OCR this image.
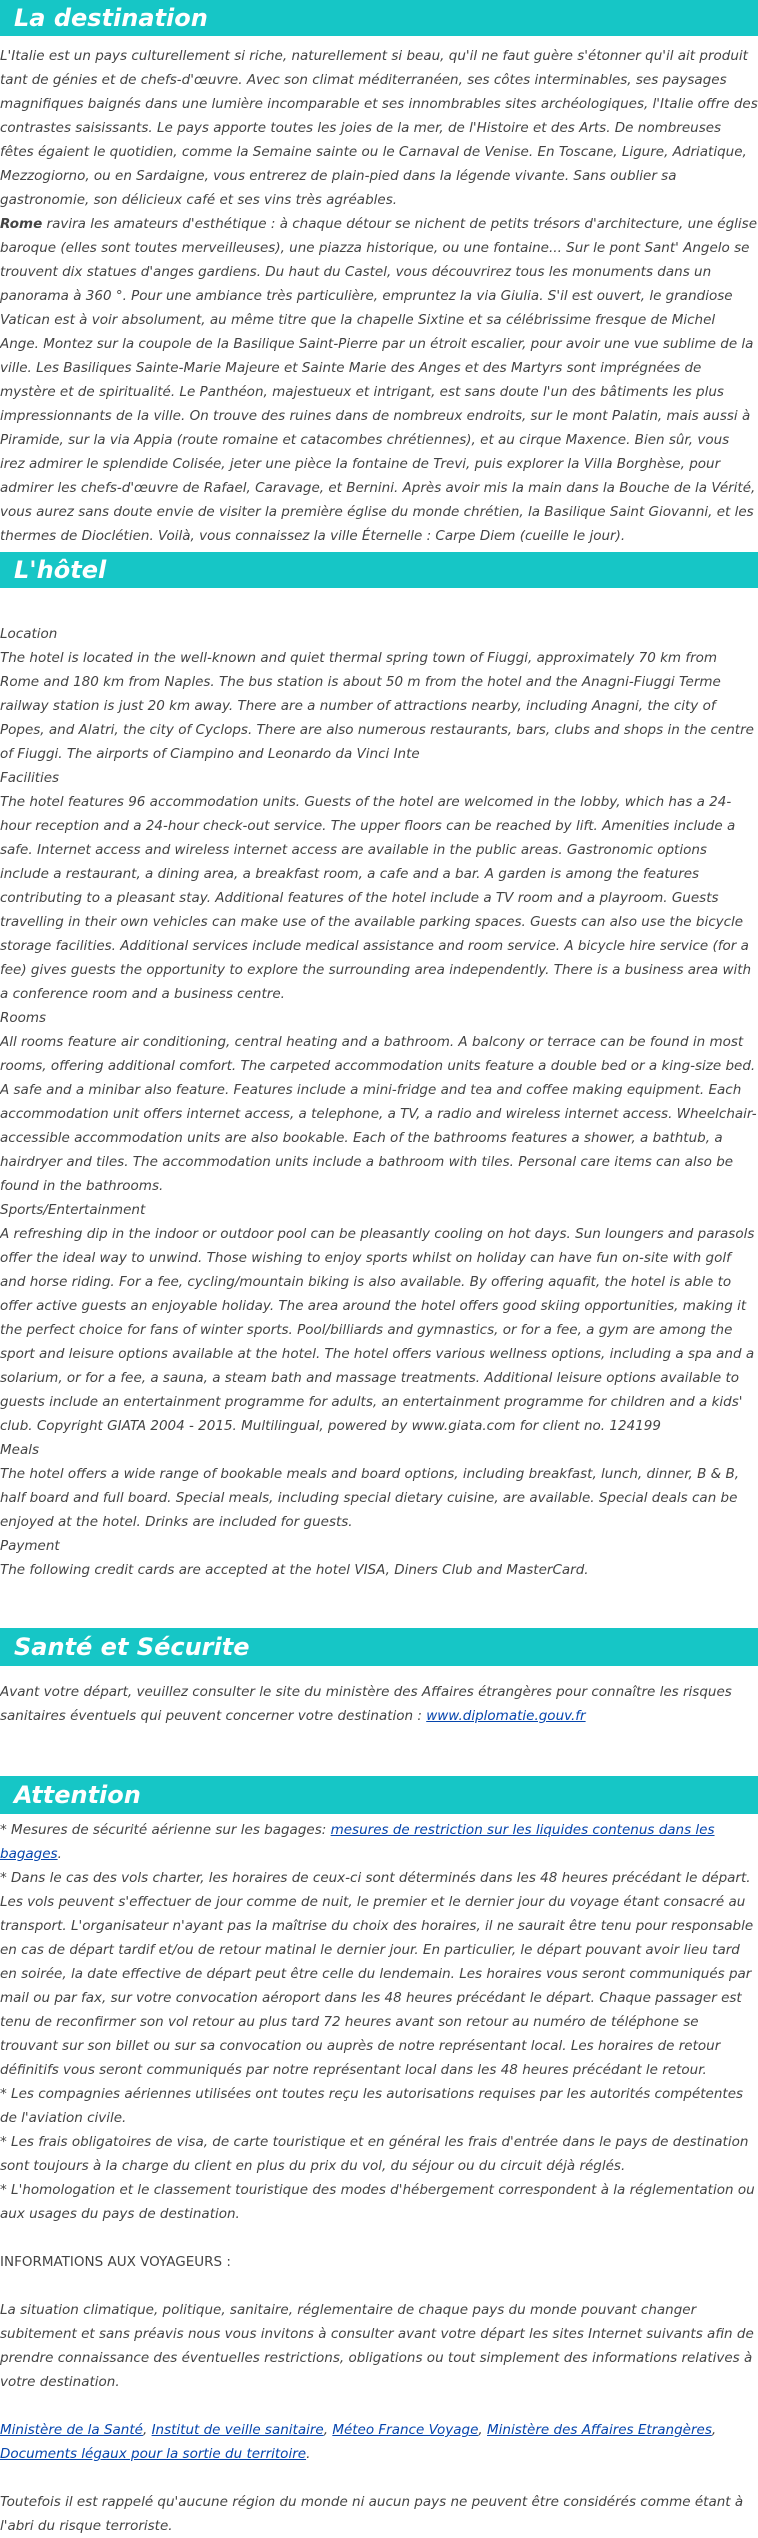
La destination

L'Italie est un pays culturellement si riche, naturellement si beau, qu'il ne faut guère s'étonner qu'il ait produit tant de génies et de chefs-d'œuvre. Avec son climat méditerranéen, ses côtes interminables, ses paysages magnifiques baignés dans une lumière incomparable et ses innombrables sites archéologiques, l'Italie offre des contrastes saisissants. Le pays apporte toutes les joies de la mer, de l'Histoire et des Arts. De nombreuses fêtes égaient le quotidien, comme la Semaine sainte ou le Carnaval de Venise. En Toscane, Ligure, Adriatique, Mezzogiorno, ou en Sardaigne, vous entrerez de plain-pied dans la légende vivante. Sans oublier sa gastronomie, son délicieux café et ses vins très agréables.

Rome ravira les amateurs d'esthétique : à chaque détour se nichent de petits trésors d'architecture, une église baroque (elles sont toutes merveilleuses), une piazza historique, ou une fontaine... Sur le pont Sant' Angelo se trouvent dix statues d'anges gardiens. Du haut du Castel, vous découvrirez tous les monuments dans un panorama à 360 °. Pour une ambiance très particulière, empruntez la via Giulia. S'il est ouvert, le grandiose Vatican est à voir absolument, au même titre que la chapelle Sixtine et sa célébrissime fresque de Michel Ange. Montez sur la coupole de la Basilique Saint-Pierre par un étroit escalier, pour avoir une vue sublime de la ville. Les Basiliques Sainte-Marie Majeure et Sainte Marie des Anges et des Martyrs sont imprégnées de mystère et de spiritualité. Le Panthéon, majestueux et intrigant, est sans doute l'un des bâtiments les plus impressionnants de la ville. On trouve des ruines dans de nombreux endroits, sur le mont Palatin, mais aussi à Piramide, sur la via Appia (route romaine et catacombes chrétiennes), et au cirque Maxence. Bien sûr, vous irez admirer le splendide Colisée, jeter une pièce la fontaine de Trevi, puis explorer la Villa Borghèse, pour admirer les chefs-d'œuvre de Rafael, Caravage, et Bernini. Après avoir mis la main dans la Bouche de la Vérité, vous aurez sans doute envie de visiter la première église du monde chrétien, la Basilique Saint Giovanni, et les thermes de Dioclétien. Voilà, vous connaissez la ville Éternelle : Carpe Diem (cueille le jour).

L'hôtel

Location

The hotel is located in the well-known and quiet thermal spring town of Fiuggi, approximately 70 km from Rome and 180 km from Naples. The bus station is about 50 m from the hotel and the Anagni-Fiuggi Terme railway station is just 20 km away. There are a number of attractions nearby, including Anagni, the city of Popes, and Alatri, the city of Cyclops. There are also numerous restaurants, bars, clubs and shops in the centre of Fiuggi. The airports of Ciampino and Leonardo da Vinci Inte

Facilities

The hotel features 96 accommodation units. Guests of the hotel are welcomed in the lobby, which has a 24-hour reception and a 24-hour check-out service. The upper floors can be reached by lift. Amenities include a safe. Internet access and wireless internet access are available in the public areas. Gastronomic options include a restaurant, a dining area, a breakfast room, a cafe and a bar. A garden is among the features contributing to a pleasant stay. Additional features of the hotel include a TV room and a playroom. Guests travelling in their own vehicles can make use of the available parking spaces. Guests can also use the bicycle storage facilities. Additional services include medical assistance and room service. A bicycle hire service (for a fee) gives guests the opportunity to explore the surrounding area independently. There is a business area with a conference room and a business centre.

Rooms

All rooms feature air conditioning, central heating and a bathroom. A balcony or terrace can be found in most rooms, offering additional comfort. The carpeted accommodation units feature a double bed or a king-size bed. A safe and a minibar also feature. Features include a mini-fridge and tea and coffee making equipment. Each accommodation unit offers internet access, a telephone, a TV, a radio and wireless internet access. Wheelchair-accessible accommodation units are also bookable. Each of the bathrooms features a shower, a bathtub, a hairdryer and tiles. The accommodation units include a bathroom with tiles. Personal care items can also be found in the bathrooms.

Sports/Entertainment

A refreshing dip in the indoor or outdoor pool can be pleasantly cooling on hot days. Sun loungers and parasols offer the ideal way to unwind. Those wishing to enjoy sports whilst on holiday can have fun on-site with golf and horse riding. For a fee, cycling/mountain biking is also available. By offering aquafit, the hotel is able to offer active guests an enjoyable holiday. The area around the hotel offers good skiing opportunities, making it the perfect choice for fans of winter sports. Pool/billiards and gymnastics, or for a fee, a gym are among the sport and leisure options available at the hotel. The hotel offers various wellness options, including a spa and a solarium, or for a fee, a sauna, a steam bath and massage treatments. Additional leisure options available to guests include an entertainment programme for adults, an entertainment programme for children and a kids' club. Copyright GIATA 2004 - 2015. Multilingual, powered by www.giata.com for client no. 124199

Meals

The hotel offers a wide range of bookable meals and board options, including breakfast, lunch, dinner, B & B, half board and full board. Special meals, including special dietary cuisine, are available. Special deals can be enjoyed at the hotel. Drinks are included for guests.

Payment

The following credit cards are accepted at the hotel VISA, Diners Club and MasterCard.

Santé et Sécurite

Avant votre départ, veuillez consulter le site du ministère des Affaires étrangères pour connaître les risques sanitaires éventuels qui peuvent concerner votre destination : www.diplomatie.gouv.fr

Attention

* Mesures de sécurité aérienne sur les bagages: mesures de restriction sur les liquides contenus dans les bagages.

* Dans le cas des vols charter, les horaires de ceux-ci sont déterminés dans les 48 heures précédant le départ. Les vols peuvent s'effectuer de jour comme de nuit, le premier et le dernier jour du voyage étant consacré au transport. L'organisateur n'ayant pas la maîtrise du choix des horaires, il ne saurait être tenu pour responsable en cas de départ tardif et/ou de retour matinal le dernier jour. En particulier, le départ pouvant avoir lieu tard en soirée, la date effective de départ peut être celle du lendemain. Les horaires vous seront communiqués par mail ou par fax, sur votre convocation aéroport dans les 48 heures précédant le départ. Chaque passager est tenu de reconfirmer son vol retour au plus tard 72 heures avant son retour au numéro de téléphone se trouvant sur son billet ou sur sa convocation ou auprès de notre représentant local. Les horaires de retour définitifs vous seront communiqués par notre représentant local dans les 48 heures précédant le retour.

* Les compagnies aériennes utilisées ont toutes reçu les autorisations requises par les autorités compétentes de l'aviation civile.

* Les frais obligatoires de visa, de carte touristique et en général les frais d'entrée dans le pays de destination sont toujours à la charge du client en plus du prix du vol, du séjour ou du circuit déjà réglés.

* L'homologation et le classement touristique des modes d'hébergement correspondent à la réglementation ou aux usages du pays de destination.

INFORMATIONS AUX VOYAGEURS :

La situation climatique, politique, sanitaire, réglementaire de chaque pays du monde pouvant changer subitement et sans préavis nous vous invitons à consulter avant votre départ les sites Internet suivants afin de prendre connaissance des éventuelles restrictions, obligations ou tout simplement des informations relatives à votre destination.

Ministère de la Santé, Institut de veille sanitaire, Méteo France Voyage, Ministère des Affaires Etrangères, Documents légaux pour la sortie du territoire.

Toutefois il est rappelé qu'aucune région du monde ni aucun pays ne peuvent être considérés comme étant à l'abri du risque terroriste.
